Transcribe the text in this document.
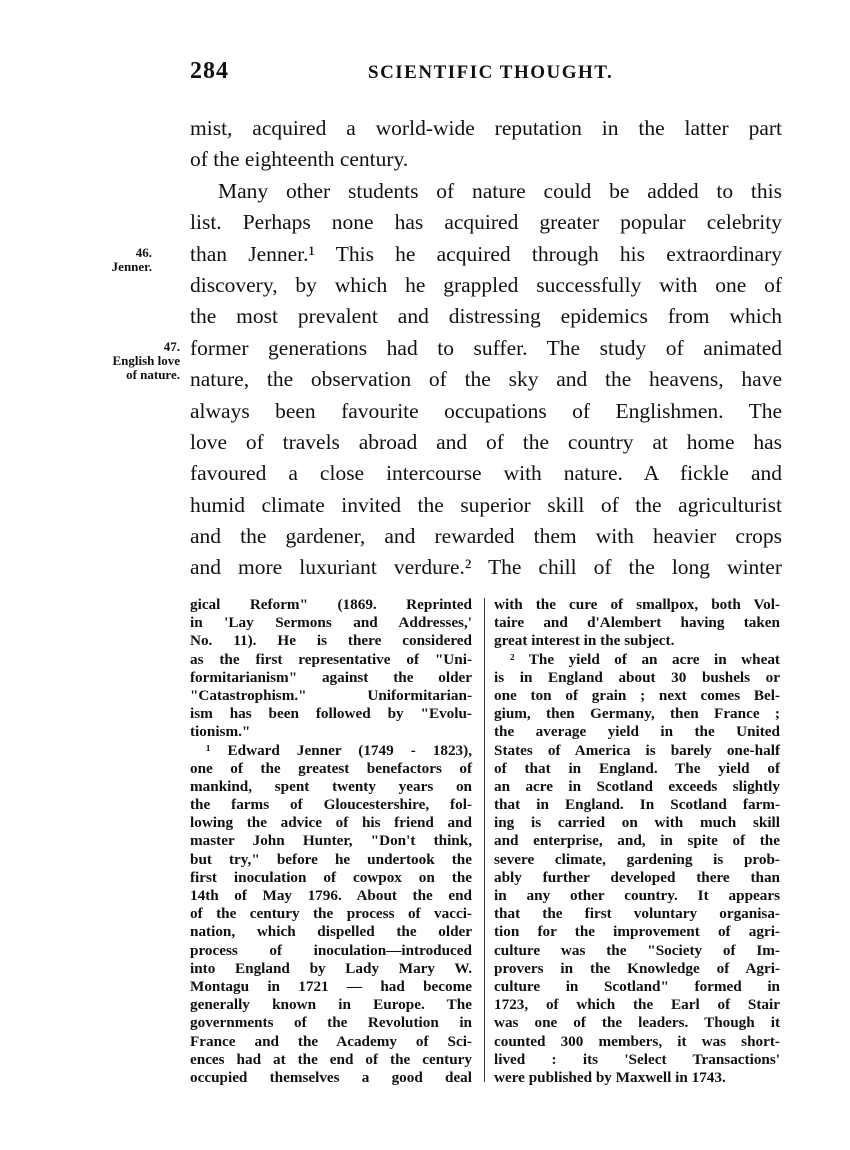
284	SCIENTIFIC THOUGHT.
46.
Jenner.
47.
English love
of nature.
mist, acquired a world-wide reputation in the latter part
of the eighteenth century.
Many other students of nature could be added to this
list. Perhaps none has acquired greater popular celebrity
than Jenner.¹ This he acquired through his extraordinary
discovery, by which he grappled successfully with one of
the most prevalent and distressing epidemics from which
former generations had to suffer. The study of animated
nature, the observation of the sky and the heavens, have
always been favourite occupations of Englishmen. The
love of travels abroad and of the country at home has
favoured a close intercourse with nature. A fickle and
humid climate invited the superior skill of the agriculturist
and the gardener, and rewarded them with heavier crops
and more luxuriant verdure.² The chill of the long winter
gical Reform" (1869. Reprinted
in 'Lay Sermons and Addresses,'
No. 11). He is there considered
as the first representative of "Uni-
formitarianism" against the older
"Catastrophism." Uniformitarian-
ism has been followed by "Evolu-
tionism."
¹ Edward Jenner (1749 - 1823),
one of the greatest benefactors of
mankind, spent twenty years on
the farms of Gloucestershire, fol-
lowing the advice of his friend and
master John Hunter, "Don't think,
but try," before he undertook the
first inoculation of cowpox on the
14th of May 1796. About the end
of the century the process of vacci-
nation, which dispelled the older
process of inoculation—introduced
into England by Lady Mary W.
Montagu in 1721 — had become
generally known in Europe. The
governments of the Revolution in
France and the Academy of Sci-
ences had at the end of the century
occupied themselves a good deal
with the cure of smallpox, both Vol-
taire and d'Alembert having taken
great interest in the subject.
² The yield of an acre in wheat
is in England about 30 bushels or
one ton of grain ; next comes Bel-
gium, then Germany, then France ;
the average yield in the United
States of America is barely one-half
of that in England. The yield of
an acre in Scotland exceeds slightly
that in England. In Scotland farm-
ing is carried on with much skill
and enterprise, and, in spite of the
severe climate, gardening is prob-
ably further developed there than
in any other country. It appears
that the first voluntary organisa-
tion for the improvement of agri-
culture was the "Society of Im-
provers in the Knowledge of Agri-
culture in Scotland" formed in
1723, of which the Earl of Stair
was one of the leaders. Though it
counted 300 members, it was short-
lived : its 'Select Transactions'
were published by Maxwell in 1743.
